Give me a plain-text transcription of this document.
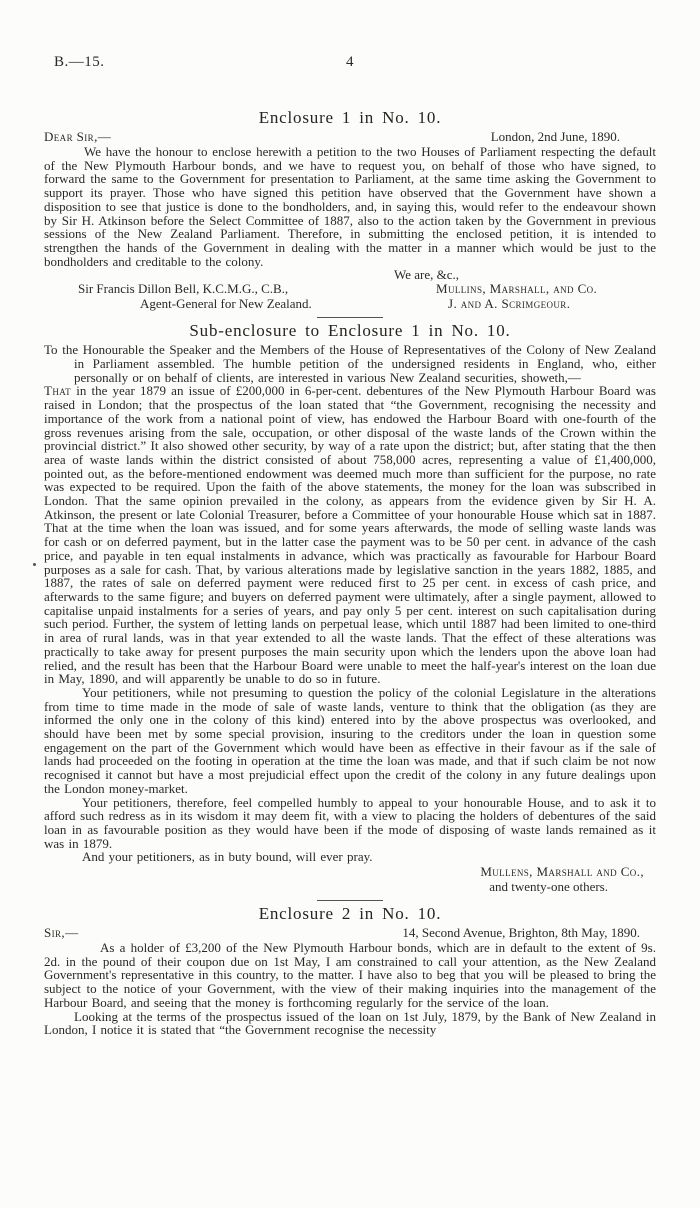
B.—15.	4
Enclosure 1 in No. 10.
Dear Sir,—	London, 2nd June, 1890.

We have the honour to enclose herewith a petition to the two Houses of Parliament respecting the default of the New Plymouth Harbour bonds, and we have to request you, on behalf of those who have signed, to forward the same to the Government for presentation to Parliament, at the same time asking the Government to support its prayer. Those who have signed this petition have observed that the Government have shown a disposition to see that justice is done to the bondholders, and, in saying this, would refer to the endeavour shown by Sir H. Atkinson before the Select Committee of 1887, also to the action taken by the Government in previous sessions of the New Zealand Parliament. Therefore, in submitting the enclosed petition, it is intended to strengthen the hands of the Government in dealing with the matter in a manner which would be just to the bondholders and creditable to the colony.

We are, &c.,
Sir Francis Dillon Bell, K.C.M.G., C.B.,	Mullins, Marshall, and Co.
Agent-General for New Zealand.	J. and A. Scrimgeour.
Sub-enclosure to Enclosure 1 in No. 10.

To the Honourable the Speaker and the Members of the House of Representatives of the Colony of New Zealand in Parliament assembled. The humble petition of the undersigned residents in England, who, either personally or on behalf of clients, are interested in various New Zealand securities, showeth,—

That in the year 1879 an issue of £200,000 in 6-per-cent. debentures of the New Plymouth Harbour Board was raised in London; that the prospectus of the loan stated that “the Government, recognising the necessity and importance of the work from a national point of view, has endowed the Harbour Board with one-fourth of the gross revenues arising from the sale, occupation, or other disposal of the waste lands of the Crown within the provincial district.” It also showed other security, by way of a rate upon the district; but, after stating that the then area of waste lands within the district consisted of about 758,000 acres, representing a value of £1,400,000, pointed out, as the before-mentioned endowment was deemed much more than sufficient for the purpose, no rate was expected to be required. Upon the faith of the above statements, the money for the loan was subscribed in London. That the same opinion prevailed in the colony, as appears from the evidence given by Sir H. A. Atkinson, the present or late Colonial Treasurer, before a Committee of your honourable House which sat in 1887. That at the time when the loan was issued, and for some years afterwards, the mode of selling waste lands was for cash or on deferred payment, but in the latter case the payment was to be 50 per cent. in advance of the cash price, and payable in ten equal instalments in advance, which was practically as favourable for Harbour Board purposes as a sale for cash. That, by various alterations made by legislative sanction in the years 1882, 1885, and 1887, the rates of sale on deferred payment were reduced first to 25 per cent. in excess of cash price, and afterwards to the same figure; and buyers on deferred payment were ultimately, after a single payment, allowed to capitalise unpaid instalments for a series of years, and pay only 5 per cent. interest on such capitalisation during such period. Further, the system of letting lands on perpetual lease, which until 1887 had been limited to one-third in area of rural lands, was in that year extended to all the waste lands. That the effect of these alterations was practically to take away for present purposes the main security upon which the lenders upon the above loan had relied, and the result has been that the Harbour Board were unable to meet the half-year's interest on the loan due in May, 1890, and will apparently be unable to do so in future.

Your petitioners, while not presuming to question the policy of the colonial Legislature in the alterations from time to time made in the mode of sale of waste lands, venture to think that the obligation (as they are informed the only one in the colony of this kind) entered into by the above prospectus was overlooked, and should have been met by some special provision, insuring to the creditors under the loan in question some engagement on the part of the Government which would have been as effective in their favour as if the sale of lands had proceeded on the footing in operation at the time the loan was made, and that if such claim be not now recognised it cannot but have a most prejudicial effect upon the credit of the colony in any future dealings upon the London money-market.

Your petitioners, therefore, feel compelled humbly to appeal to your honourable House, and to ask it to afford such redress as in its wisdom it may deem fit, with a view to placing the holders of debentures of the said loan in as favourable position as they would have been if the mode of disposing of waste lands remained as it was in 1879.

And your petitioners, as in buty bound, will ever pray.

Mullens, Marshall and Co.,
and twenty-one others.
Enclosure 2 in No. 10.
Sir,—	14, Second Avenue, Brighton, 8th May, 1890.

As a holder of £3,200 of the New Plymouth Harbour bonds, which are in default to the extent of 9s. 2d. in the pound of their coupon due on 1st May, I am constrained to call your attention, as the New Zealand Government's representative in this country, to the matter. I have also to beg that you will be pleased to bring the subject to the notice of your Government, with the view of their making inquiries into the management of the Harbour Board, and seeing that the money is forthcoming regularly for the service of the loan.

Looking at the terms of the prospectus issued of the loan on 1st July, 1879, by the Bank of New Zealand in London, I notice it is stated that “the Government recognise the necessity
